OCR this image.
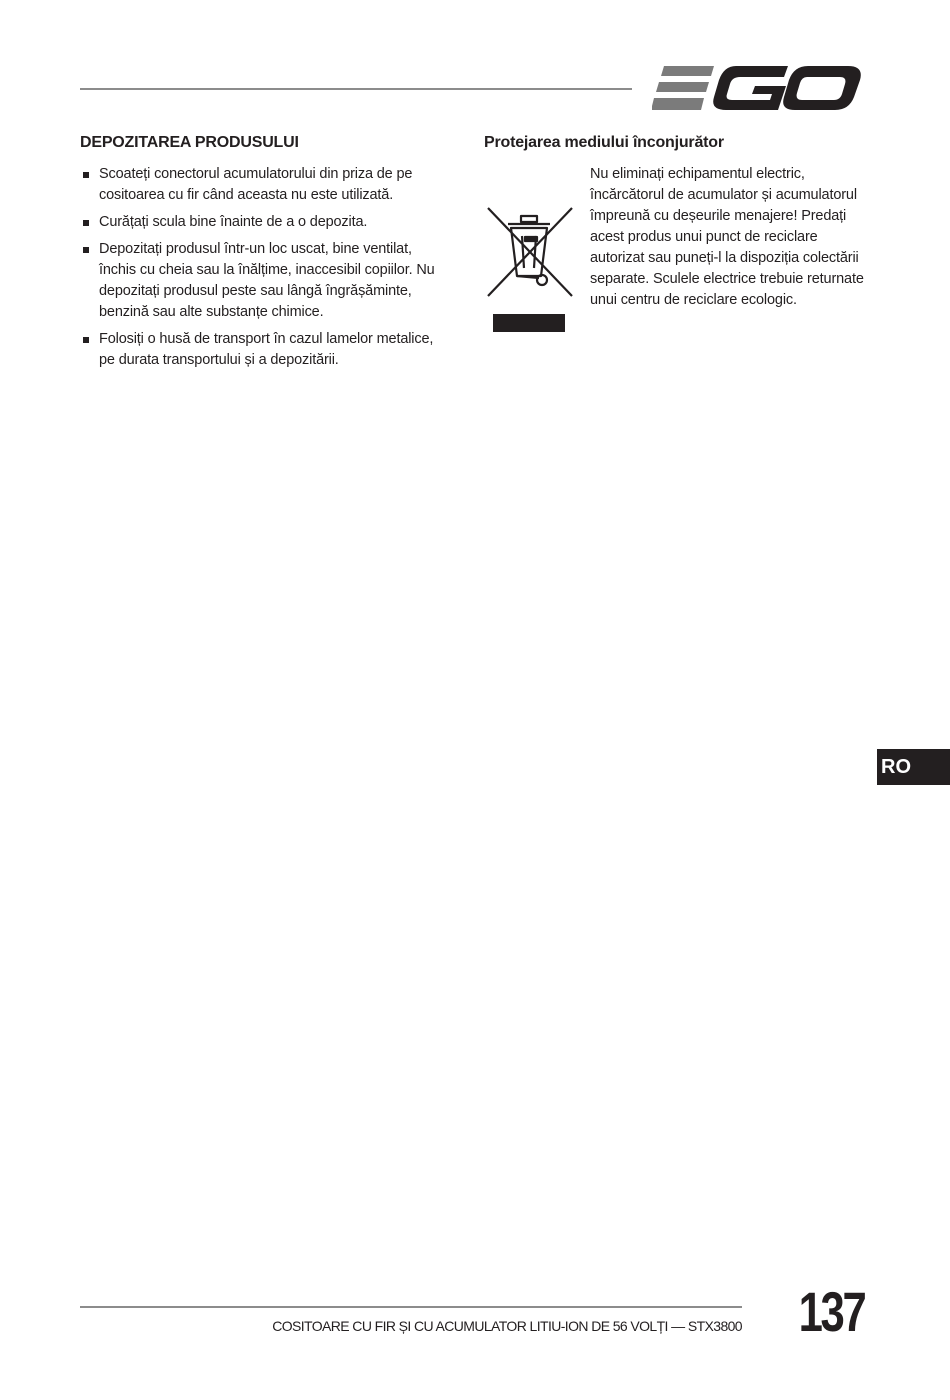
DEPOZITAREA PRODUSULUI
Scoateți conectorul acumulatorului din priza de pe cositoarea cu fir când aceasta nu este utilizată.
Curățați scula bine înainte de a o depozita.
Depozitați produsul într-un loc uscat, bine ventilat, închis cu cheia sau la înălțime, inaccesibil copiilor. Nu depozitați produsul peste sau lângă îngrășăminte, benzină sau alte substanțe chimice.
Folosiți o husă de transport în cazul lamelor metalice, pe durata transportului și a depozitării.
Protejarea mediului înconjurător
Nu eliminați echipamentul electric, încărcătorul de acumulator și acumulatorul împreună cu deșeurile menajere! Predați acest produs unui punct de reciclare autorizat sau puneți-l la dispoziția colectării separate. Sculele electrice trebuie returnate unui centru de reciclare ecologic.
RO
COSITOARE CU FIR ȘI CU ACUMULATOR LITIU-ION DE 56 VOLȚI — STX3800 137
